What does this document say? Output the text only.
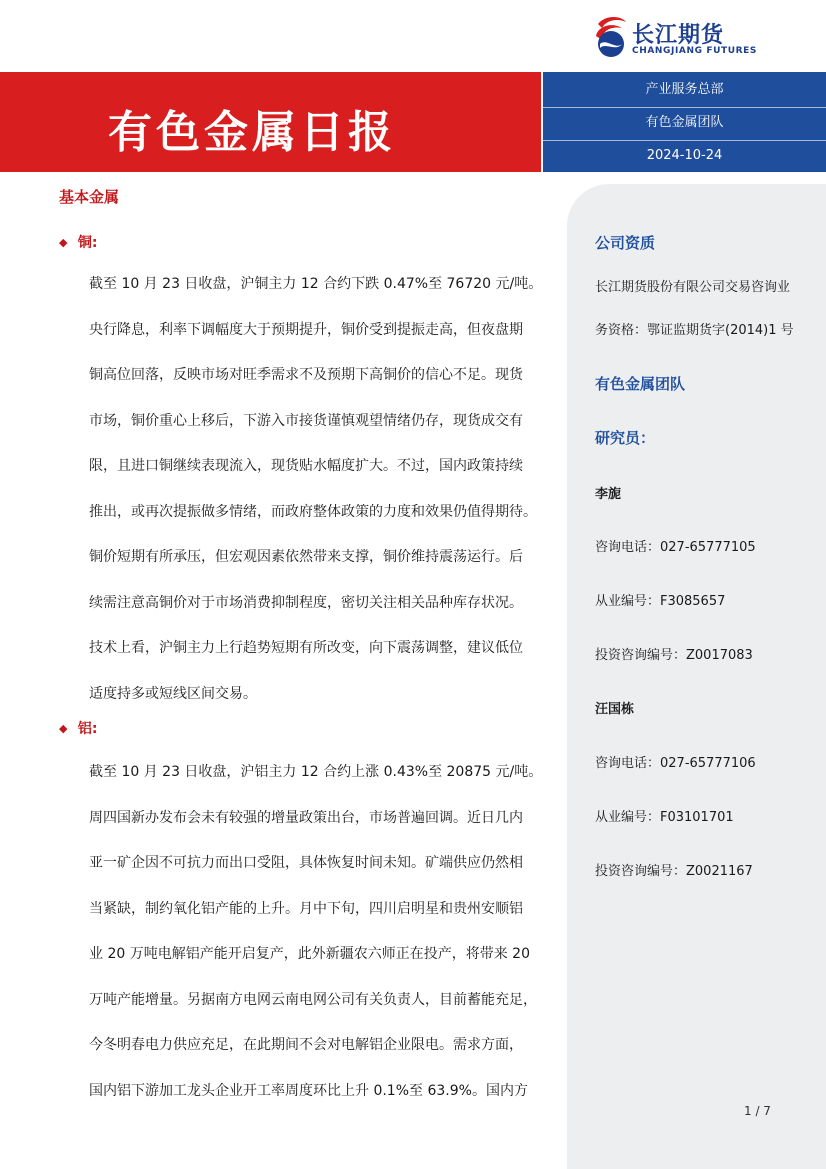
长江期货
CHANGJIANG FUTURES
有色金属日报
产业服务总部
有色金属团队
2024-10-24
公司资质
长江期货股份有限公司交易咨询业
务资格：鄂证监期货字(2014)1 号
有色金属团队
研究员：
李旎
咨询电话：027-65777105
从业编号：F3085657
投资咨询编号：Z0017083
汪国栋
咨询电话：027-65777106
从业编号：F03101701
投资咨询编号：Z0021167
基本金属
◆ 铜:
截至 10 月 23 日收盘，沪铜主力 12 合约下跌 0.47%至 76720 元/吨。
央行降息，利率下调幅度大于预期提升，铜价受到提振走高，但夜盘期
铜高位回落，反映市场对旺季需求不及预期下高铜价的信心不足。现货
市场，铜价重心上移后，下游入市接货谨慎观望情绪仍存，现货成交有
限，且进口铜继续表现流入，现货贴水幅度扩大。不过，国内政策持续
推出，或再次提振做多情绪，而政府整体政策的力度和效果仍值得期待。
铜价短期有所承压，但宏观因素依然带来支撑，铜价维持震荡运行。后
续需注意高铜价对于市场消费抑制程度，密切关注相关品种库存状况。
技术上看，沪铜主力上行趋势短期有所改变，向下震荡调整，建议低位
适度持多或短线区间交易。
◆ 铝:
截至 10 月 23 日收盘，沪铝主力 12 合约上涨 0.43%至 20875 元/吨。
周四国新办发布会未有较强的增量政策出台，市场普遍回调。近日几内
亚一矿企因不可抗力而出口受阻，具体恢复时间未知。矿端供应仍然相
当紧缺，制约氧化铝产能的上升。月中下旬，四川启明星和贵州安顺铝
业 20 万吨电解铝产能开启复产，此外新疆农六师正在投产，将带来 20
万吨产能增量。另据南方电网云南电网公司有关负责人，目前蓄能充足，
今冬明春电力供应充足，在此期间不会对电解铝企业限电。需求方面，
国内铝下游加工龙头企业开工率周度环比上升 0.1%至 63.9%。国内方
1 / 7
